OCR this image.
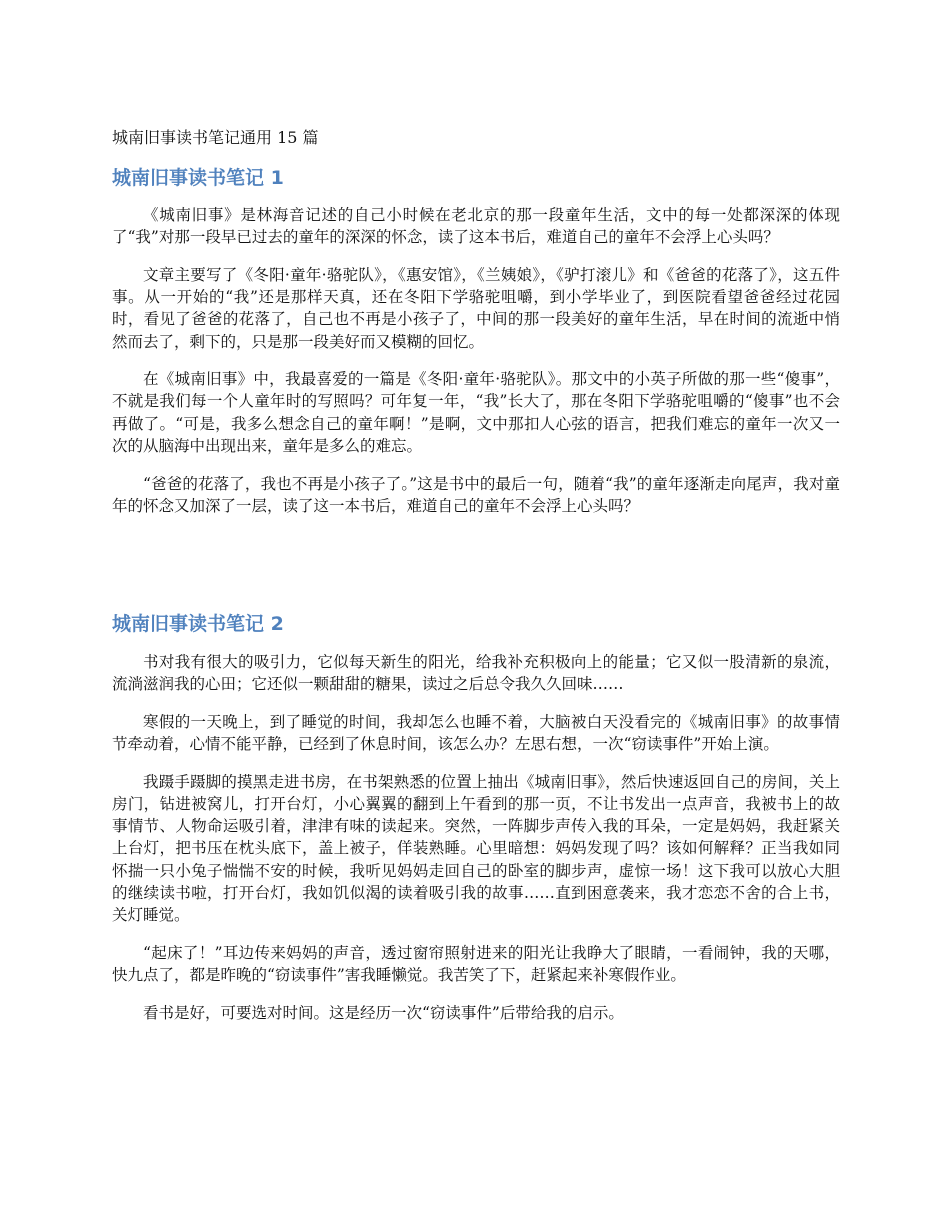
城南旧事读书笔记通用 15 篇
城南旧事读书笔记 1

《城南旧事》是林海音记述的自己小时候在老北京的那一段童年生活，文中的每一处都深深的体现了“我”对那一段早已过去的童年的深深的怀念，读了这本书后，难道自己的童年不会浮上心头吗？

文章主要写了《冬阳·童年·骆驼队》，《惠安馆》，《兰姨娘》，《驴打滚儿》和《爸爸的花落了》，这五件事。从一开始的“我”还是那样天真，还在冬阳下学骆驼咀嚼，到小学毕业了，到医院看望爸爸经过花园时，看见了爸爸的花落了，自己也不再是小孩子了，中间的那一段美好的童年生活，早在时间的流逝中悄然而去了，剩下的，只是那一段美好而又模糊的回忆。

在《城南旧事》中，我最喜爱的一篇是《冬阳·童年·骆驼队》。那文中的小英子所做的那一些“傻事”，不就是我们每一个人童年时的写照吗？可年复一年，“我”长大了，那在冬阳下学骆驼咀嚼的“傻事”也不会再做了。“可是，我多么想念自己的童年啊！”是啊，文中那扣人心弦的语言，把我们难忘的童年一次又一次的从脑海中出现出来，童年是多么的难忘。

“爸爸的花落了，我也不再是小孩子了。”这是书中的最后一句，随着“我”的童年逐渐走向尾声，我对童年的怀念又加深了一层，读了这一本书后，难道自己的童年不会浮上心头吗？

城南旧事读书笔记 2

书对我有很大的吸引力，它似每天新生的阳光，给我补充积极向上的能量；它又似一股清新的泉流，流淌滋润我的心田；它还似一颗甜甜的糖果，读过之后总令我久久回味……

寒假的一天晚上，到了睡觉的时间，我却怎么也睡不着，大脑被白天没看完的《城南旧事》的故事情节牵动着，心情不能平静，已经到了休息时间，该怎么办？左思右想，一次“窃读事件”开始上演。

我蹑手蹑脚的摸黑走进书房，在书架熟悉的位置上抽出《城南旧事》，然后快速返回自己的房间，关上房门，钻进被窝儿，打开台灯，小心翼翼的翻到上午看到的那一页，不让书发出一点声音，我被书上的故事情节、人物命运吸引着，津津有味的读起来。突然，一阵脚步声传入我的耳朵，一定是妈妈，我赶紧关上台灯，把书压在枕头底下，盖上被子，佯装熟睡。心里暗想：妈妈发现了吗？该如何解释？正当我如同怀揣一只小兔子惴惴不安的时候，我听见妈妈走回自己的卧室的脚步声，虚惊一场！这下我可以放心大胆的继续读书啦，打开台灯，我如饥似渴的读着吸引我的故事……直到困意袭来，我才恋恋不舍的合上书，关灯睡觉。

“起床了！”耳边传来妈妈的声音，透过窗帘照射进来的阳光让我睁大了眼睛，一看闹钟，我的天哪，快九点了，都是昨晚的“窃读事件”害我睡懒觉。我苦笑了下，赶紧起来补寒假作业。

看书是好，可要选对时间。这是经历一次“窃读事件”后带给我的启示。
